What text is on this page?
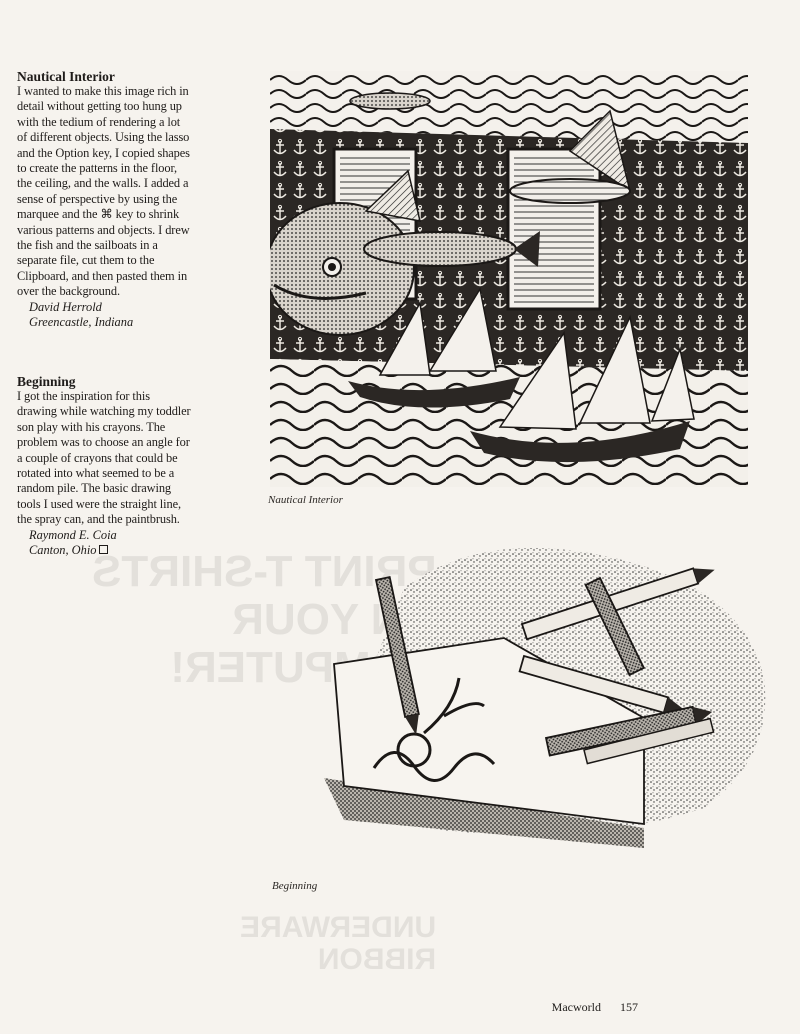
PRINT T-SHIRTS
ON YOUR
COMPUTER!
UNDERWARE
RIBBON
Nautical Interior

I wanted to make this image rich in detail without getting too hung up with the tedium of rendering a lot of different objects. Using the lasso and the Option key, I copied shapes to create the patterns in the floor, the ceiling, and the walls. I added a sense of perspective by using the marquee and the ⌘ key to shrink various patterns and objects. I drew the fish and the sailboats in a separate file, cut them to the Clipboard, and then pasted them in over the background.

David Herrold
Greencastle, Indiana
Beginning

I got the inspiration for this drawing while watching my toddler son play with his crayons. The problem was to choose an angle for a couple of crayons that could be rotated into what seemed to be a random pile. The basic drawing tools I used were the straight line, the spray can, and the paintbrush.

Raymond E. Coia
Canton, Ohio
Nautical Interior
Beginning
Macworld 157
